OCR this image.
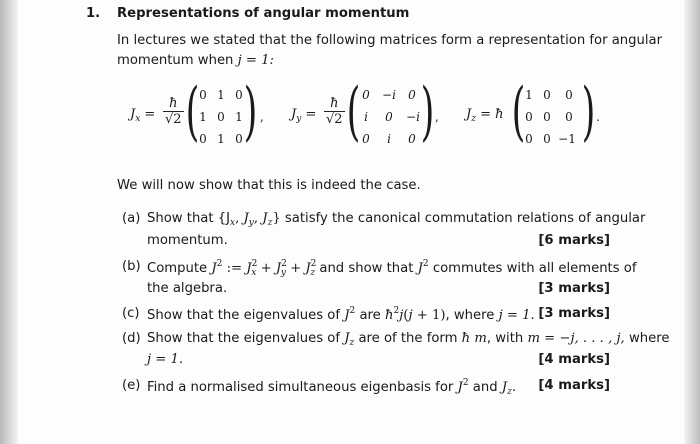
1. Representations of angular momentum
In lectures we stated that the following matrices form a representation for angular
momentum when j = 1:
$J_x = \frac{ħ}{√2}$ ( )
0 1 0
1 0 1
0 1 0
, $J_y = \frac{ħ}{√2}$ ( )
0	−i	0
i	0	−i
0	i	0
, $J_z$ = ħ ( )
1 0	0
0 0	0
0 0 −1
.
We will now show that this is indeed the case.
(a) Show that {$J_x$, $J_y$, $J_z$} satisfy the canonical commutation relations of angular
momentum.	[6 marks]
(b) Compute $J^2$ := $J^2_x + J^2_y + J^2_z$ and show that $J^2$ commutes with all elements of
the algebra.	[3 marks]
(c) Show that the eigenvalues of $J^2$ are $ħ^2j(j + 1)$, where j = 1. [3 marks]
(d) Show that the eigenvalues of $J_z$ are of the form ħ m, with m = −j, . . . , j, where
j = 1.	[4 marks]
(e) Find a normalised simultaneous eigenbasis for $J^2$ and $J_z$. [4 marks]
